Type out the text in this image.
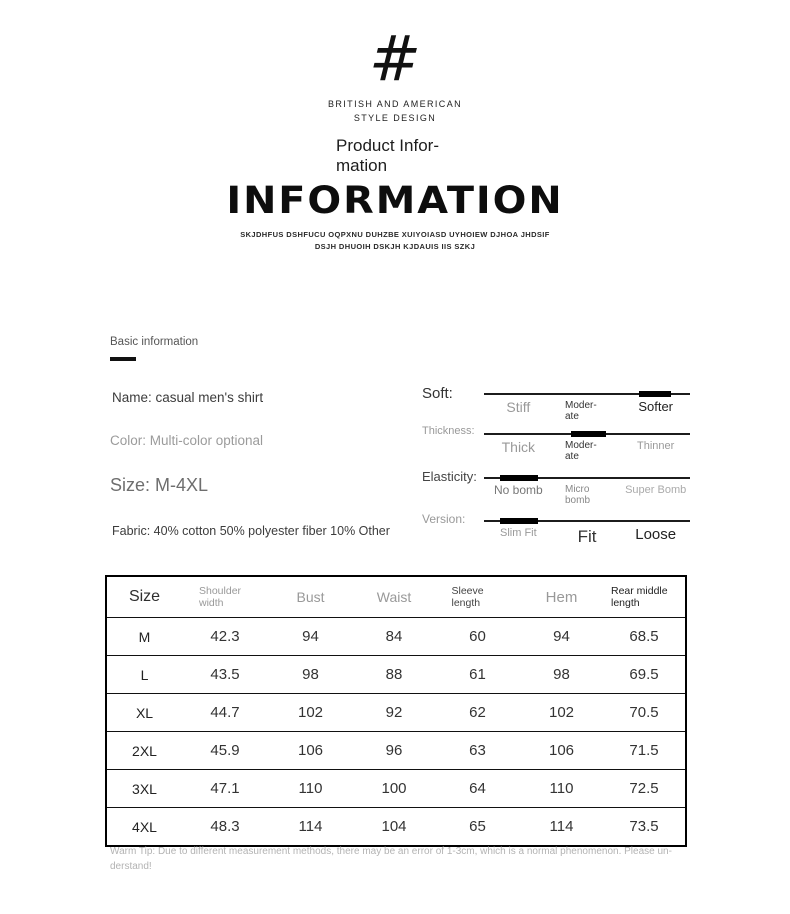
#
BRITISH AND AMERICAN
STYLE DESIGN
Product Infor-
mation
INFORMATION
SKJDHFUS DSHFUCU OQPXNU DUHZBE XUIYOIASD UYHOIEW DJHOA JHDSIF
DSJH DHUOIH DSKJH KJDAUIS IIS SZKJ
Basic information
Name: casual men's shirt
Color: Multi-color optional
Size: M-4XL
Fabric: 40% cotton 50% polyester fiber 10% Other
Soft:
Stiff	Moder-ate
Softer
Thickness:
Thick	Moder-ate
Thinner
Elasticity:
No bomb	Micro bomb
Super Bomb
Version:
Slim Fit	Fit	Loose
Size	Shoulder width	Bust	Waist	Sleeve length	Hem	Rear middle length
M	42.3	94	84	60	94	68.5
L	43.5	98	88	61	98	69.5
XL	44.7	102	92	62	102	70.5
2XL	45.9	106	96	63	106	71.5
3XL	47.1	110	100	64	110	72.5
4XL	48.3	114	104	65	114	73.5
Warm Tip: Due to different measurement methods, there may be an error of 1-3cm, which is a normal phenomenon. Please un-derstand!
